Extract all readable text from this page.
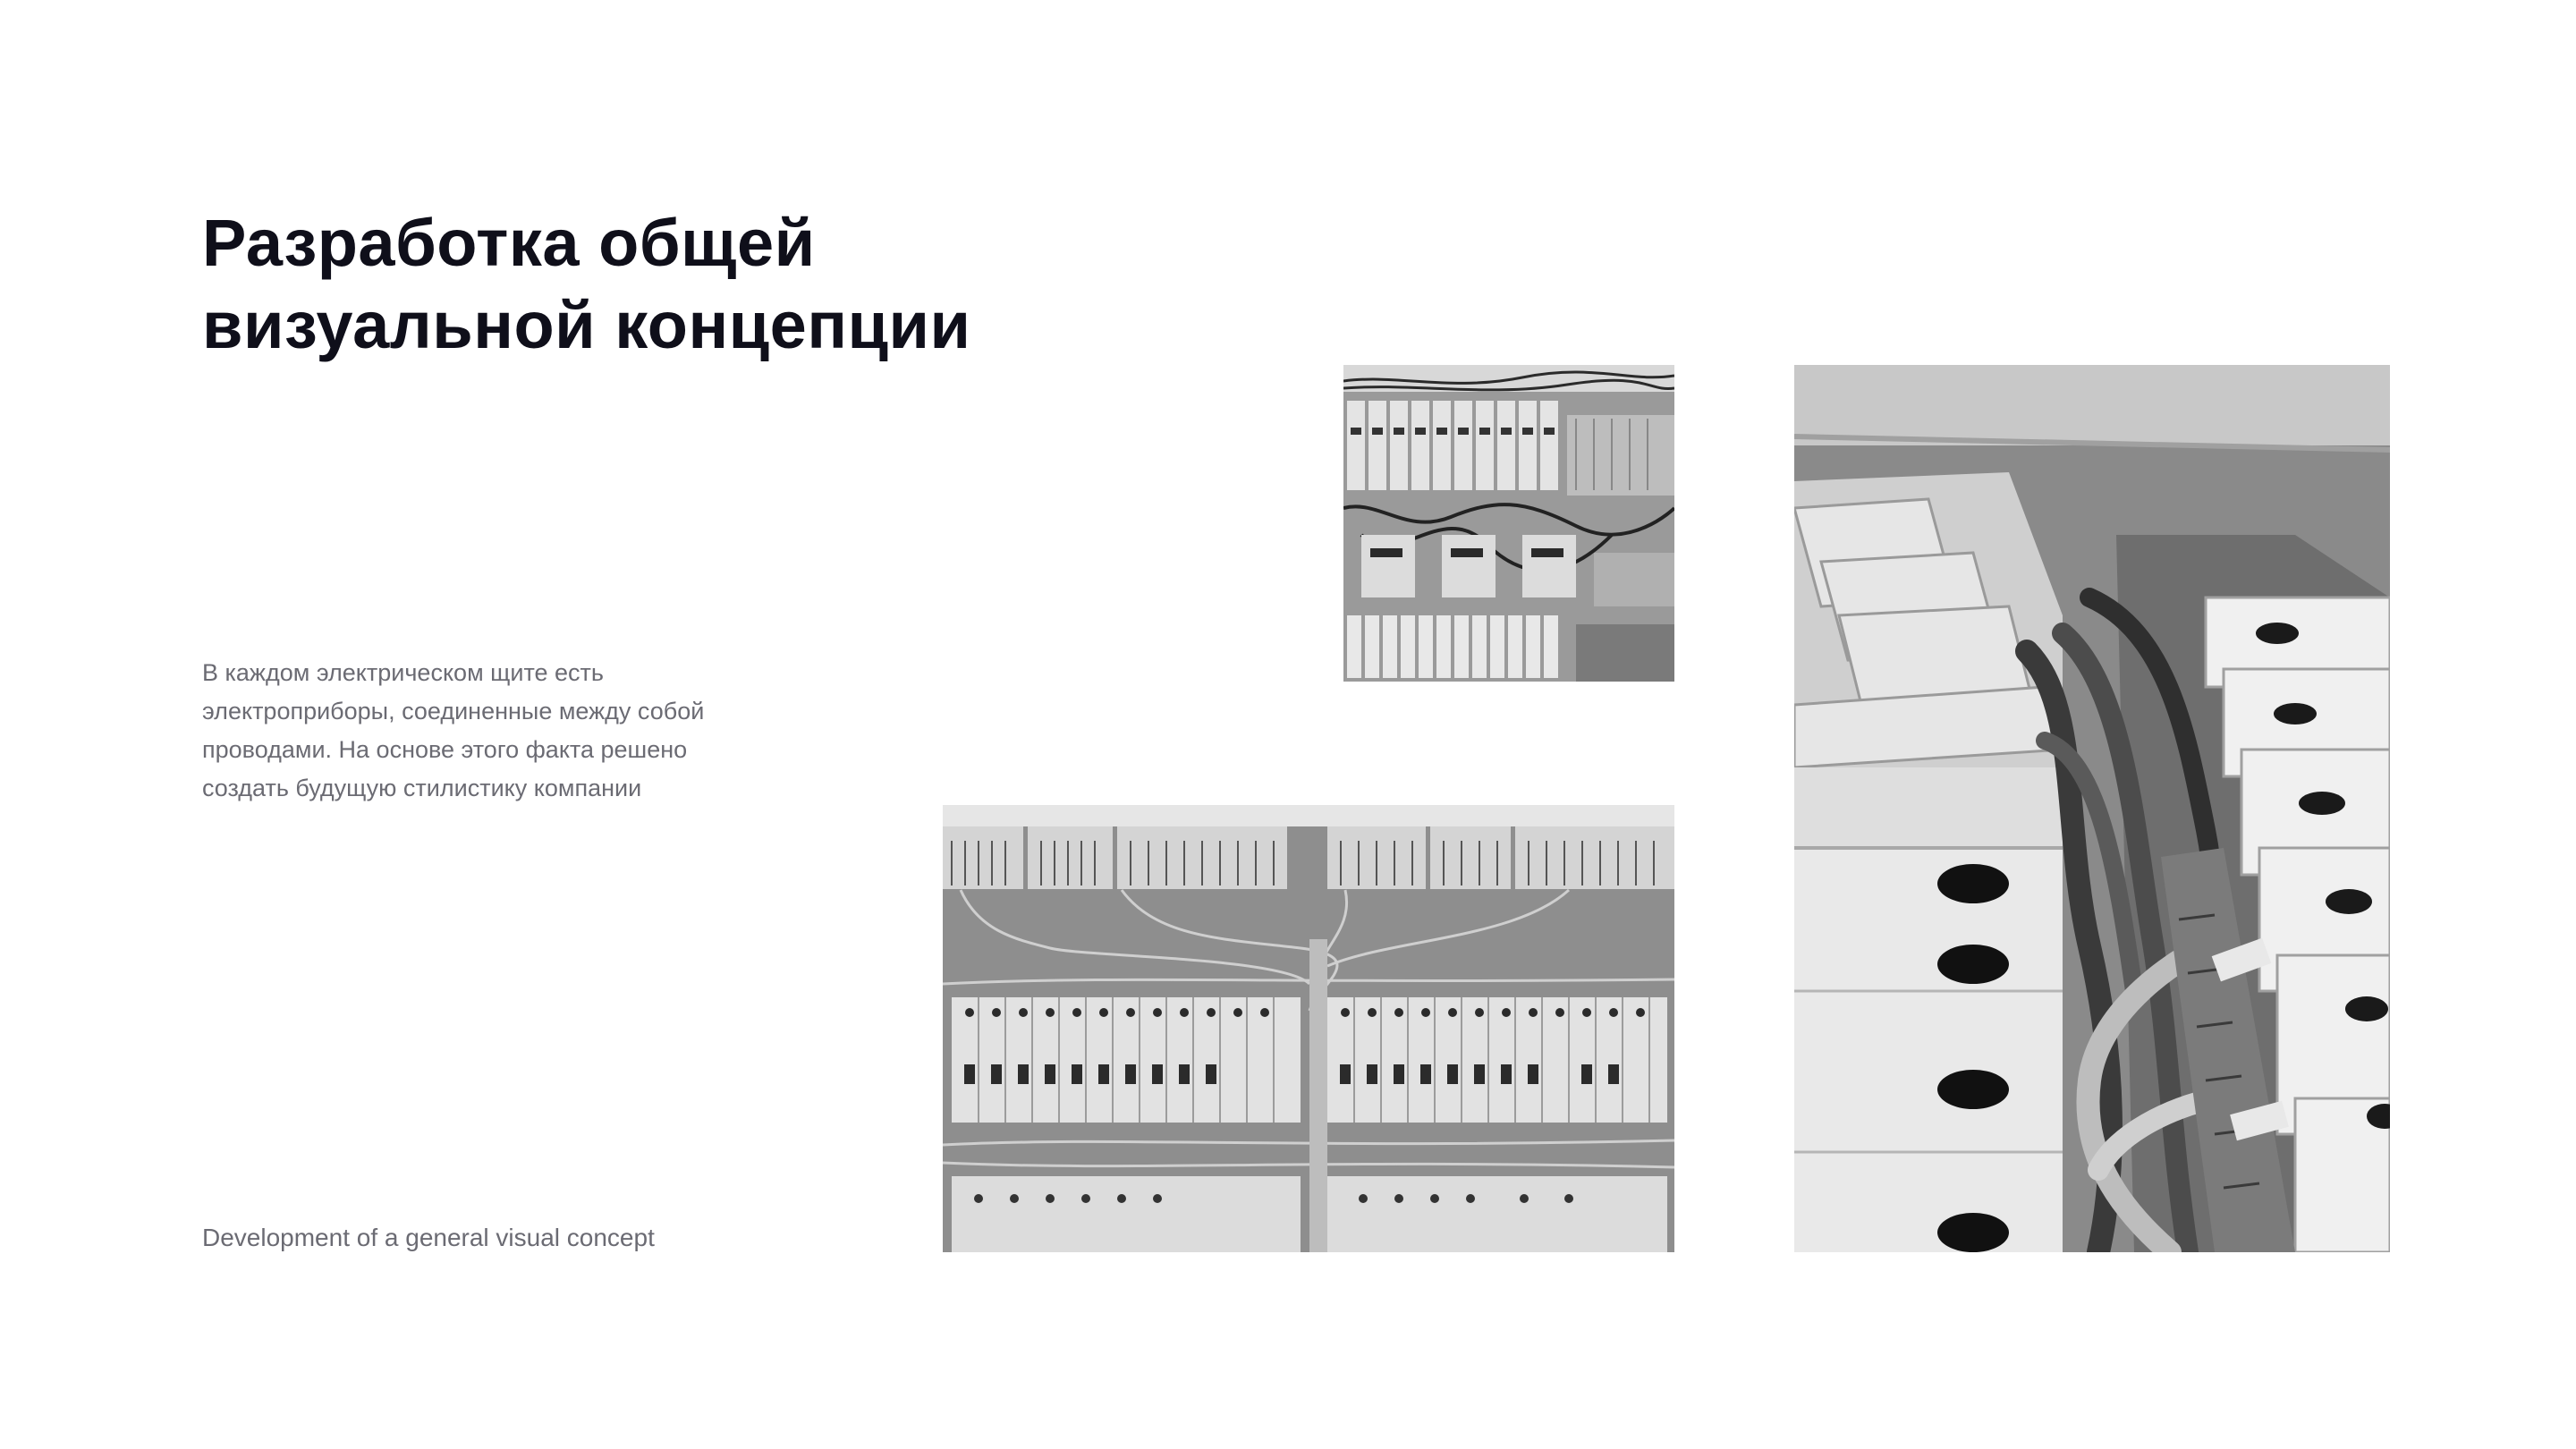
Разработка общей
визуальной концепции

В каждом электрическом щите есть
электроприборы, соединенные между собой
проводами. На основе этого факта решено
создать будущую стилистику компании

Development of a general visual concept
